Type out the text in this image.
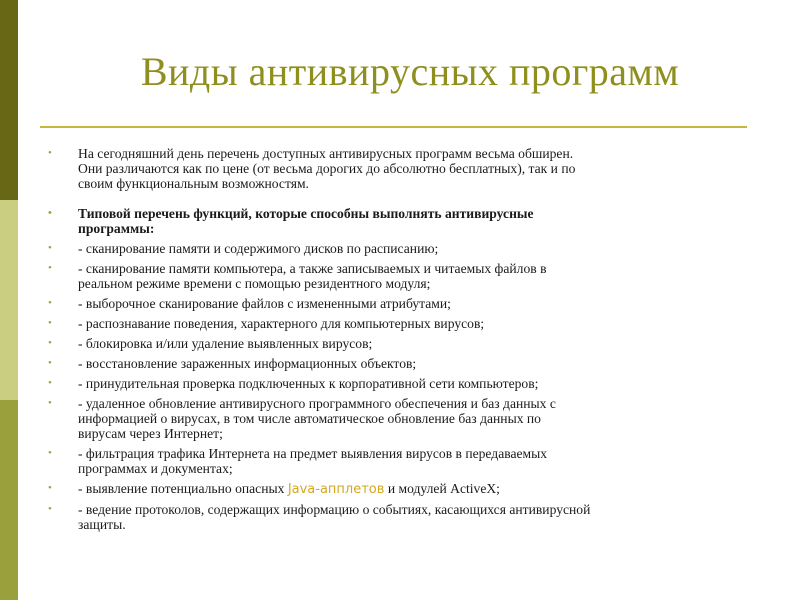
Виды антивирусных программ
•	На сегодняшний день перечень доступных антивирусных программ весьма обширен.
Они различаются как по цене (от весьма дорогих до абсолютно бесплатных), так и по
своим функциональным возможностям.
•	Типовой перечень функций, которые способны выполнять антивирусные
программы:
•	- сканирование памяти и содержимого дисков по расписанию;
•	- сканирование памяти компьютера, а также записываемых и читаемых файлов в
реальном режиме времени с помощью резидентного модуля;
•	- выборочное сканирование файлов с измененными атрибутами;
•	- распознавание поведения, характерного для компьютерных вирусов;
•	- блокировка и/или удаление выявленных вирусов;
•	- восстановление зараженных информационных объектов;
•	- принудительная проверка подключенных к корпоративной сети компьютеров;
•	- удаленное обновление антивирусного программного обеспечения и баз данных с
информацией о вирусах, в том числе автоматическое обновление баз данных по
вирусам через Интернет;
•	- фильтрация трафика Интернета на предмет выявления вирусов в передаваемых
программах и документах;
•	- выявление потенциально опасных Java-апплетов и модулей ActiveX;
•	- ведение протоколов, содержащих информацию о событиях, касающихся антивирусной
защиты.
